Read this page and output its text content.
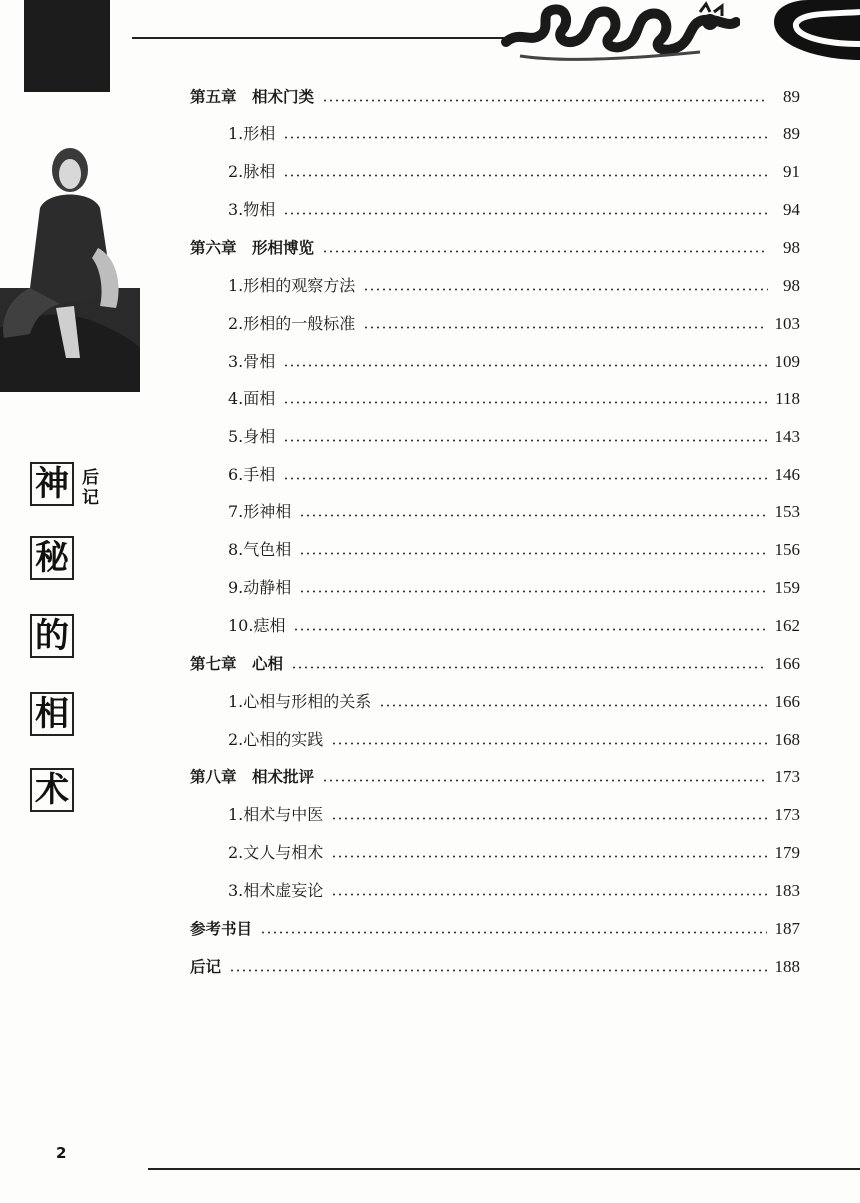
神 后记
秘
的
相
术
第五章　相术门类	89
1.形相	89
2.脉相	91
3.物相	94
第六章　形相博览	98
1.形相的观察方法	98
2.形相的一般标准	103
3.骨相	109
4.面相	118
5.身相	143
6.手相	146
7.形神相	153
8.气色相	156
9.动静相	159
10.痣相	162
第七章　心相	166
1.心相与形相的关系	166
2.心相的实践	168
第八章　相术批评	173
1.相术与中医	173
2.文人与相术	179
3.相术虚妄论	183
参考书目	187
后记	188
2
